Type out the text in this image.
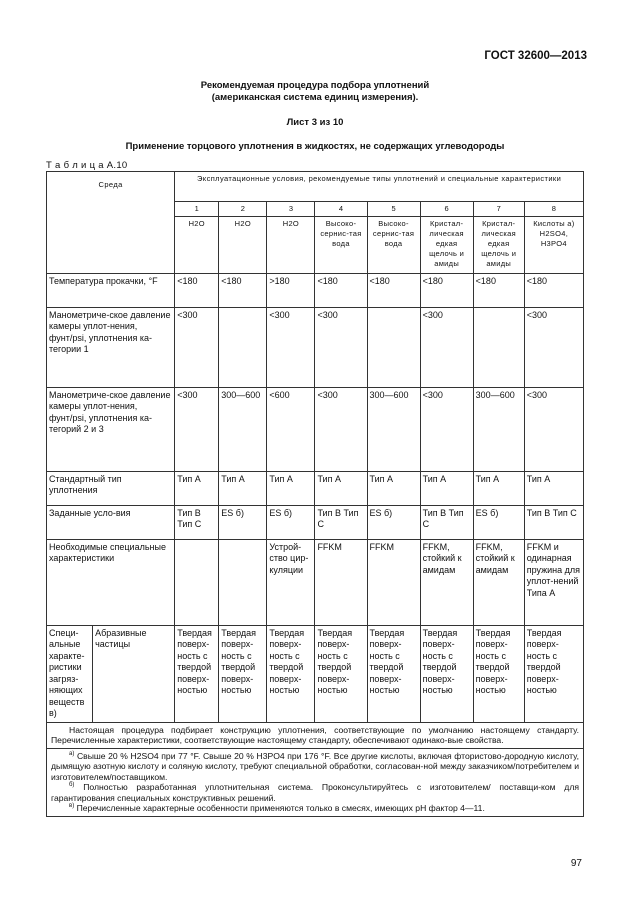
ГОСТ 32600—2013
Рекомендуемая процедура подбора уплотнений
(американская система единиц измерения).
Лист 3 из 10
Применение торцового уплотнения в жидкостях, не содержащих углеводороды
Т а б л и ц а А.10
Среда		Эксплуатационные условия, рекомендуемые типы уплотнений и специальные характеристики							
		1	2	3	4	5	6	7	8
		H2O	H2O	H2O	Высоко-сернис-тая вода	Высоко-сернис-тая вода	Кристал-лическая едкая щелочь и амиды	Кристал-лическая едкая щелочь и амиды	Кислоты а) H2SO4, H3PO4
Температура прокачки, °F		<180	<180	>180	<180	<180	<180	<180	<180
Манометриче-ское давление камеры уплот-нения, фунт/psi, уплотнения ка-тегории 1		<300		<300	<300		<300		<300
Манометриче-ское давление камеры уплот-нения, фунт/psi, уплотнения ка-тегорий 2 и 3		<300	300—600	<600	<300	300—600	<300	300—600	<300
Стандартный тип уплотнения		Тип А	Тип А	Тип А	Тип А	Тип А	Тип А	Тип А	Тип А
Заданные усло-вия		Тип В Тип С	ES б)	ES б)	Тип В Тип С	ES б)	Тип В Тип С	ES б)	Тип В Тип С
Необходимые специальные характеристики				Устрой-ство цир-куляции	FFKM	FFKM	FFKM, стойкий к амидам	FFKM, стойкий к амидам	FFKM и одинарная пружина для уплот-нений Типа А
Специ-альные характе-ристики загряз-няющих веществ в)	Абразивные частицы	Твердая поверх-ность с твердой поверх-ностью	Твердая поверх-ность с твердой поверх-ностью	Твердая поверх-ность с твердой поверх-ностью	Твердая поверх-ность с твердой поверх-ностью	Твердая поверх-ность с твердой поверх-ностью	Твердая поверх-ность с твердой поверх-ностью	Твердая поверх-ность с твердой поверх-ностью	Твердая поверх-ность с твердой поверх-ностью
Настоящая процедура подбирает конструкцию уплотнения, соответствующие по умолчанию настоящему стандарту. Перечисленные характеристики, соответствующие настоящему стандарту, обеспечивают одинако-вые свойства.									

$^{а)}$ Свыше 20 % H2SO4 при 77 °F. Свыше 20 % H3PO4 при 176 °F. Все другие кислоты, включая фтористово-дородную кислоту, дымящую азотную кислоту и соляную кислоту, требуют специальной обработки, согласован-ной между заказчиком/потребителем и изготовителем/поставщиком.
$^{б)}$ Полностью разработанная уплотнительная система. Проконсультируйтесь с изготовителем/ поставщи-ком для гарантирования специальных конструктивных решений.
$^{в)}$ Перечисленные характерные особенности применяются только в смесях, имеющих pH фактор 4—11.									
97
